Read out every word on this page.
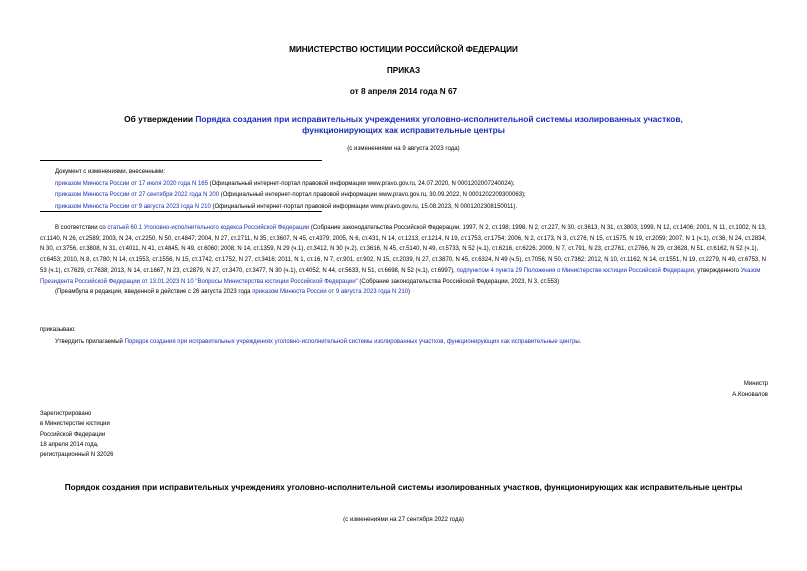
МИНИСТЕРСТВО ЮСТИЦИИ РОССИЙСКОЙ ФЕДЕРАЦИИ
ПРИКАЗ
от 8 апреля 2014 года N 67
Об утверждении Порядка создания при исправительных учреждениях уголовно-исполнительной системы изолированных участков, функционирующих как исправительные центры
(с изменениями на 9 августа 2023 года)
Документ с изменениями, внесенными:
приказом Минюста России от 17 июля 2020 года N 165 (Официальный интернет-портал правовой информации www.pravo.gov.ru, 24.07.2020, N 0001202007240024);
приказом Минюста России от 27 сентября 2022 года N 200 (Официальный интернет-портал правовой информации www.pravo.gov.ru, 30.09.2022, N 0001202209300063);
приказом Минюста России от 9 августа 2023 года N 210 (Официальный интернет-портал правовой информации www.pravo.gov.ru, 15.08.2023, N 0001202308150011).

В соответствии со статьей 60.1 Уголовно-исполнительного кодекса Российской Федерации (Собрание законодательства Российской Федерации, 1997, N 2, ст.198; 1998, N 2, ст.227, N 30, ст.3613, N 31, ст.3803; 1999, N 12, ст.1406; 2001, N 11, ст.1002, N 13, ст.1140, N 26, ст.2589; 2003, N 24, ст.2250, N 50, ст.4847; 2004, N 27, ст.2711, N 35, ст.3607, N 45, ст.4379; 2005, N 6, ст.431, N 14, ст.1213, ст.1214, N 19, ст.1753, ст.1754; 2006, N 2, ст.173, N 3, ст.276, N 15, ст.1575, N 19, ст.2059; 2007, N 1 (ч.1), ст.36, N 24, ст.2834, N 30, ст.3756, ст.3808, N 31, ст.4011, N 41, ст.4845, N 49, ст.6060; 2008, N 14, ст.1359, N 29 (ч.1), ст.3412, N 30 (ч.2), ст.3616, N 45, ст.5140, N 49, ст.5733, N 52 (ч.1), ст.6216, ст.6226; 2009, N 7, ст.791, N 23, ст.2761, ст.2766, N 29, ст.3628, N 51, ст.6162, N 52 (ч.1), ст.6453; 2010, N 8, ст.780; N 14, ст.1553, ст.1556, N 15, ст.1742, ст.1752, N 27, ст.3416; 2011, N 1, ст.16, N 7, ст.901, ст.902, N 15, ст.2039, N 27, ст.3870, N 45, ст.6324, N 49 (ч.5), ст.7056, N 50, ст.7362; 2012, N 10, ст.1162, N 14, ст.1551, N 19, ст.2279, N 49, ст.6753, N 53 (ч.1), ст.7629, ст.7638; 2013, N 14, ст.1667, N 23, ст.2879, N 27, ст.3470, ст.3477, N 30 (ч.1), ст.4052, N 44, ст.5633, N 51, ст.6698, N 52 (ч.1), ст.6997), подпунктом 4 пункта 29 Положения о Министерстве юстиции Российской Федерации, утвержденного Указом Президента Российской Федерации от 13.01.2023 N 10 "Вопросы Министерства юстиции Российской Федерации" (Собрание законодательства Российской Федерации, 2023, N 3, ст.553)

(Преамбула в редакции, введенной в действие с 26 августа 2023 года приказом Минюста России от 9 августа 2023 года N 210)

приказываю:
Утвердить прилагаемый Порядок создания при исправительных учреждениях уголовно-исполнительной системы изолированных участков, функционирующих как исправительные центры.
Министр
А.Коновалов
Зарегистрировано
в Министерстве юстиции
Российской Федерации
18 апреля 2014 года,
регистрационный N 32026
Порядок создания при исправительных учреждениях уголовно-исполнительной системы изолированных участков, функционирующих как исправительные центры
(с изменениями на 27 сентября 2022 года)
